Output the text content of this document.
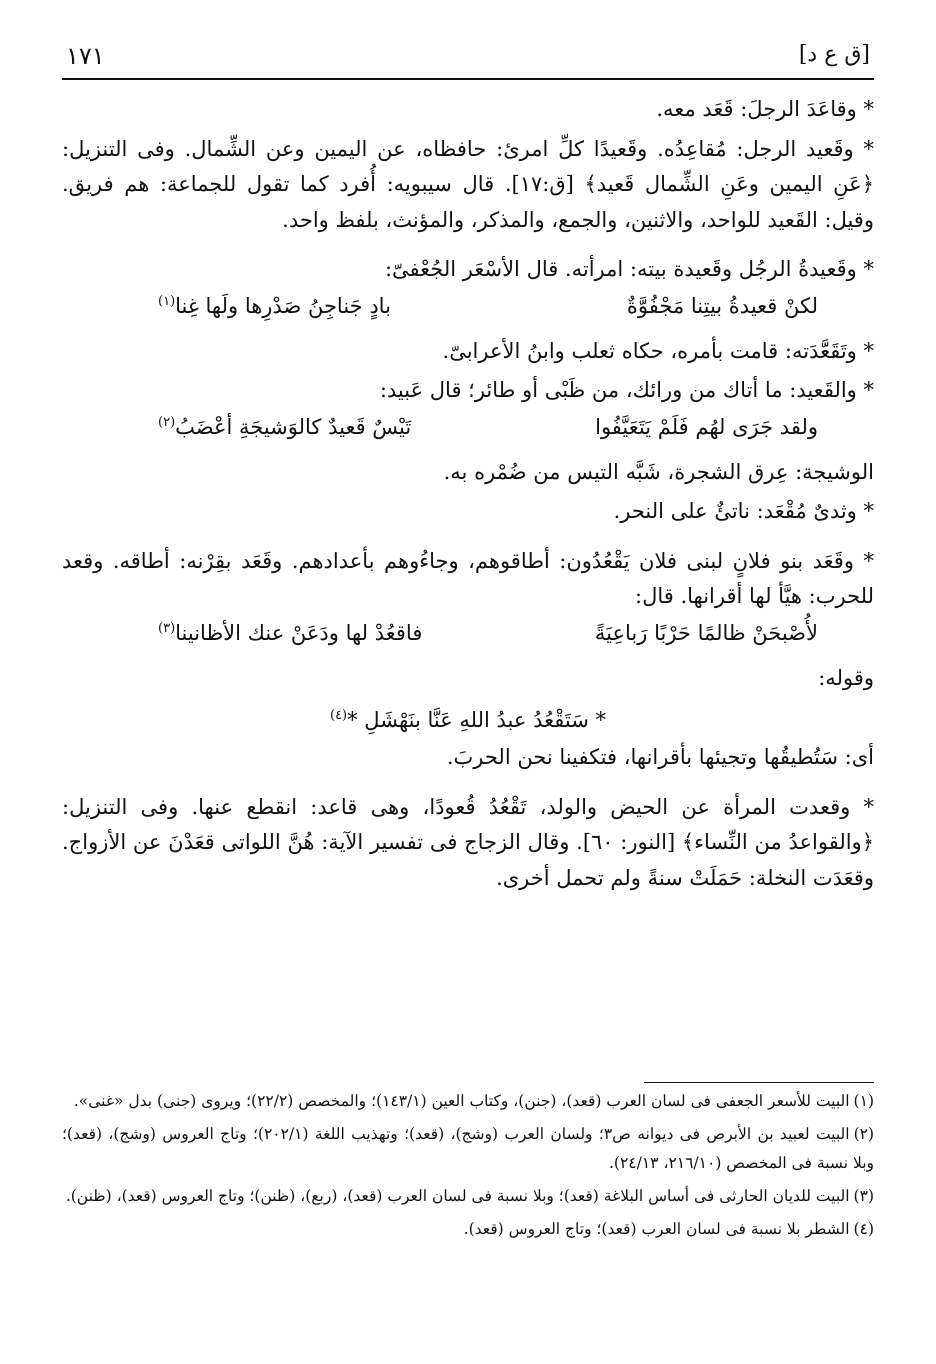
[ق ع د]
١٧١

* وقاعَدَ الرجلَ: قَعَد معه.

* وقَعيد الرجل: مُقاعِدُه. وقَعيدًا كلِّ امرئ: حافظاه، عن اليمين وعن الشِّمال. وفى التنزيل: ﴿عَنِ اليمين وعَنِ الشِّمال قَعيد﴾ [ق:١٧]. قال سيبويه: أُفرد كما تقول للجماعة: هم فريق. وقيل: القَعيد للواحد، والاثنين، والجمع، والمذكر، والمؤنث، بلفظ واحد.

* وقَعيدةُ الرجُل وقَعيدة بيته: امرأته. قال الأسْعَر الجُعْفىّ:

لكنْ قعيدةُ بيتِنا مَجْفُوَّةٌ
بادٍ جَناجِنُ صَدْرِها ولَها غِنا$^{(١)}$

* وتَقَعَّدَته: قامت بأمره، حكاه ثعلب وابنُ الأعرابىّ.

* والقَعيد: ما أتاك من ورائك، من ظَبْى أو طائر؛ قال عَبيد:

ولقد جَرَى لهُم فَلَمْ يَتَعَيَّفُوا
تَيْسٌ قَعيدٌ كالوَشيجَةِ أعْضَبُ$^{(٢)}$

الوشيجة: عِرق الشجرة، شَبَّه التيس من ضُمْره به.

* وثدىٌ مُقْعَد: ناتئٌ على النحر.

* وقَعَد بنو فلانٍ لبنى فلان يَقْعُدُون: أطاقوهم، وجاءُوهم بأعدادهم. وقَعَد بقِرْنه: أطاقه. وقعد للحرب: هيَّأ لها أقرانها. قال:

لأُصْبحَنْ ظالمًا حَرْبًا رَباعِيَةً
فاقعُدْ لها ودَعَنْ عنك الأظانينا$^{(٣)}$

وقوله:

* سَتَقْعُدُ عبدُ اللهِ عَنَّا بنَهْشَلِ *$^{(٤)}$

أى: سَتُطيقُها وتجيئها بأقرانها، فتكفينا نحن الحربَ.

* وقعدت المرأة عن الحيض والولد، تَقْعُدُ قُعودًا، وهى قاعد: انقطع عنها. وفى التنزيل: ﴿والقواعدُ من النِّساء﴾ [النور: ٦٠]. وقال الزجاج فى تفسير الآية: هُنَّ اللواتى قعَدْنَ عن الأزواج. وقعَدَت النخلة: حَمَلَتْ سنةً ولم تحمل أخرى.

(١)البيت للأسعر الجعفى فى لسان العرب (قعد)، (جنن)، وكتاب العين (١٤٣/١)؛ والمخصص (٢٢/٢)؛ ويروى (جنى) بدل «غنى».
(٢)البيت لعبيد بن الأبرص فى ديوانه ص٣؛ ولسان العرب (وشج)، (قعد)؛ وتهذيب اللغة (٢٠٢/١)؛ وتاج العروس (وشج)، (قعد)؛ وبلا نسبة فى المخصص (٢١٦/١٠، ٢٤/١٣).
(٣)البيت للديان الحارثى فى أساس البلاغة (قعد)؛ وبلا نسبة فى لسان العرب (قعد)، (ربع)، (ظنن)؛ وتاج العروس (قعد)، (ظنن).
(٤)الشطر بلا نسبة فى لسان العرب (قعد)؛ وتاج العروس (قعد).
